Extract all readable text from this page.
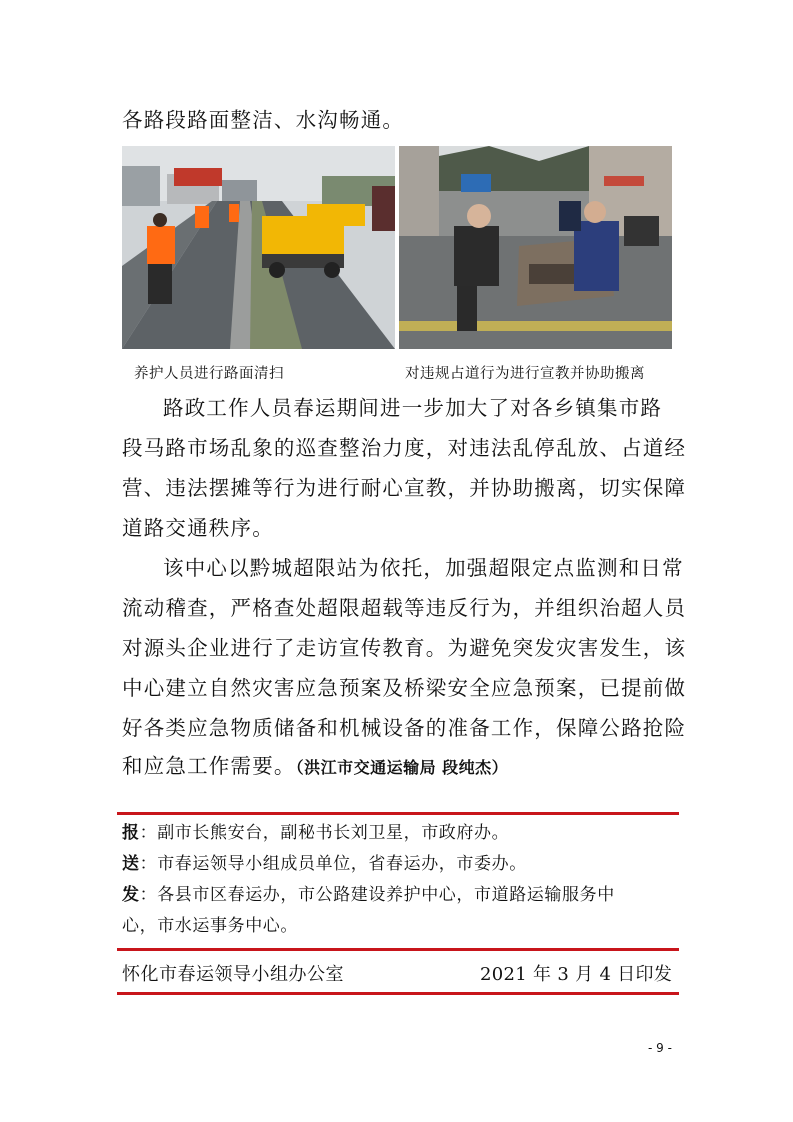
各路段路面整洁、水沟畅通。
养护人员进行路面清扫	对违规占道行为进行宣教并协助搬离
路政工作人员春运期间进一步加大了对各乡镇集市路
段马路市场乱象的巡查整治力度，对违法乱停乱放、占道经
营、违法摆摊等行为进行耐心宣教，并协助搬离，切实保障
道路交通秩序。
该中心以黔城超限站为依托，加强超限定点监测和日常
流动稽查，严格查处超限超载等违反行为，并组织治超人员
对源头企业进行了走访宣传教育。为避免突发灾害发生，该
中心建立自然灾害应急预案及桥梁安全应急预案，已提前做
好各类应急物质储备和机械设备的准备工作，保障公路抢险
和应急工作需要。（洪江市交通运输局 段纯杰）
报：副市长熊安台，副秘书长刘卫星，市政府办。
送：市春运领导小组成员单位，省春运办，市委办。
发：各县市区春运办，市公路建设养护中心，市道路运输服务中
心，市水运事务中心。
怀化市春运领导小组办公室	2021 年 3 月 4 日印发
- 9 -
